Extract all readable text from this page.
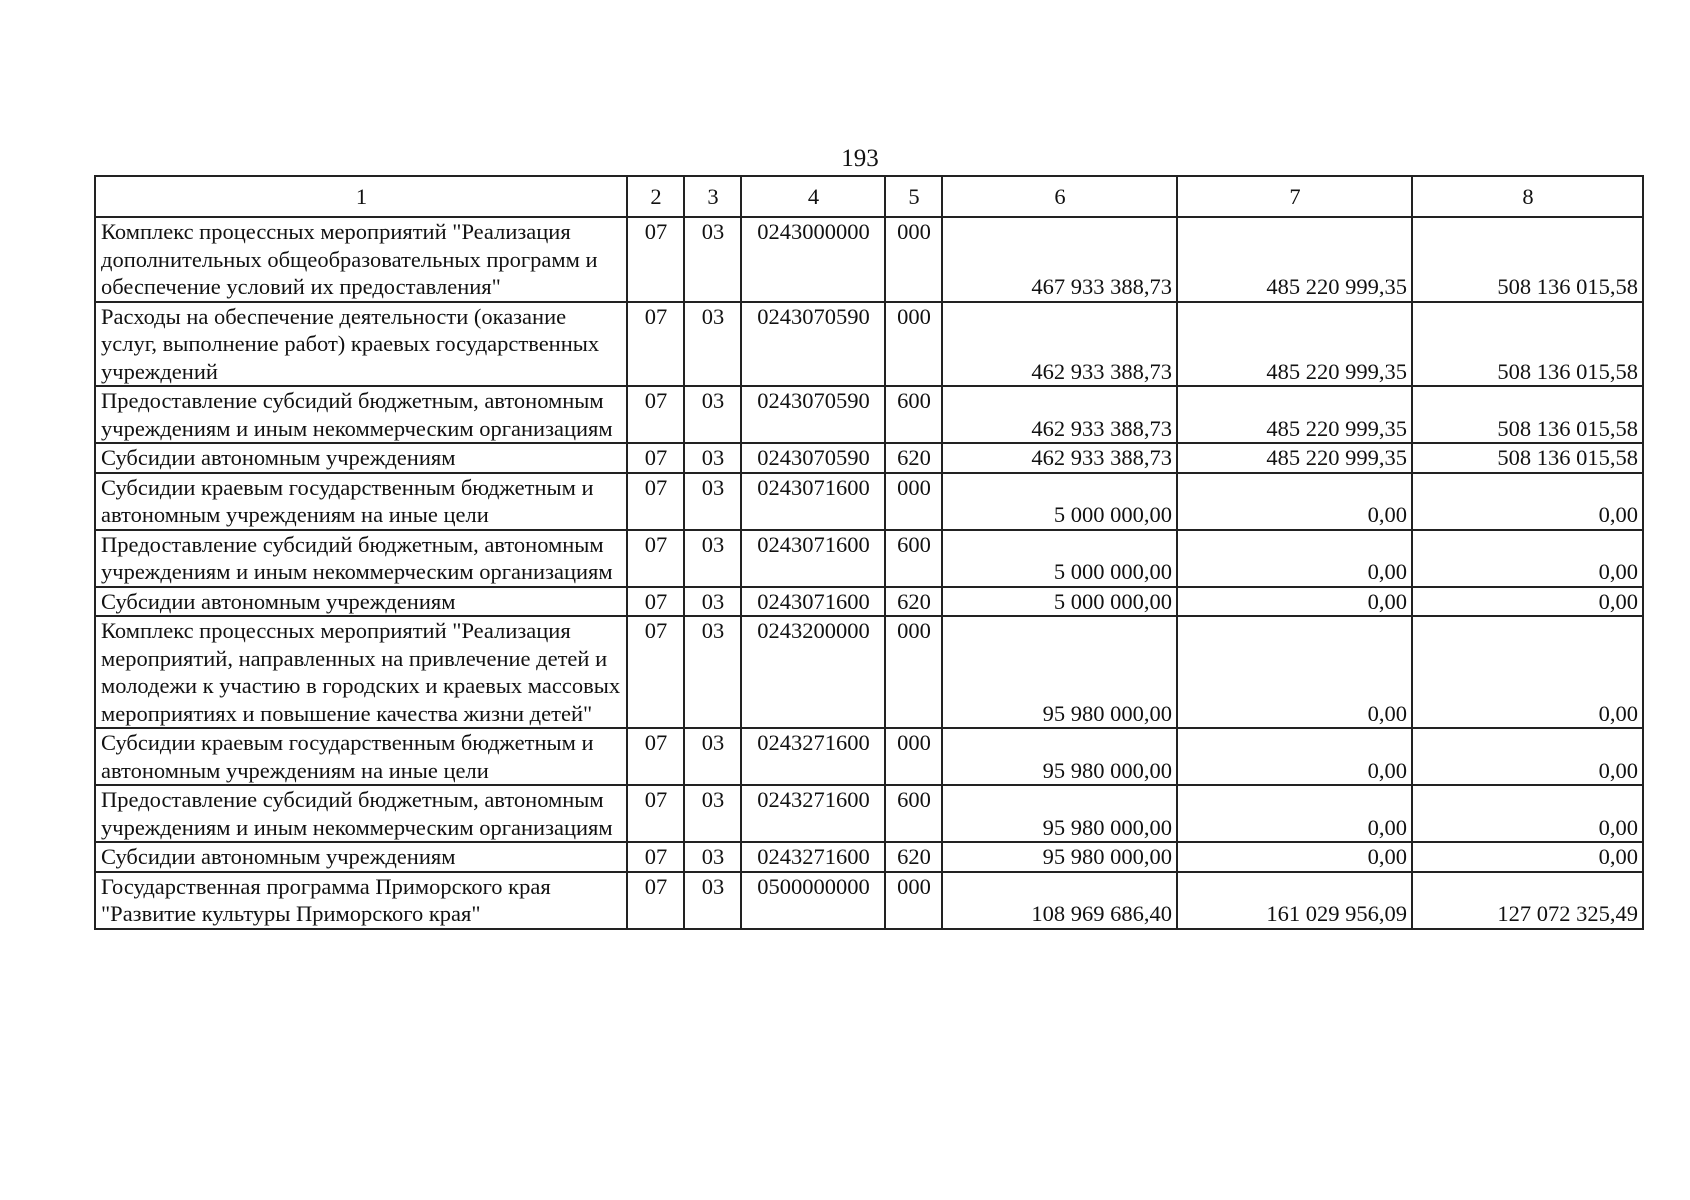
193
1	2	3	4	5	6	7	8
Комплекс процессных мероприятий "Реализация дополнительных общеобразовательных программ и обеспечение условий их предоставления"	07	03	0243000000	000	467 933 388,73	485 220 999,35	508 136 015,58
Расходы на обеспечение деятельности (оказание услуг, выполнение работ) краевых государственных учреждений	07	03	0243070590	000	462 933 388,73	485 220 999,35	508 136 015,58
Предоставление субсидий бюджетным, автономным учреждениям и иным некоммерческим организациям	07	03	0243070590	600	462 933 388,73	485 220 999,35	508 136 015,58
Субсидии автономным учреждениям	07	03	0243070590	620	462 933 388,73	485 220 999,35	508 136 015,58
Субсидии краевым государственным бюджетным и автономным учреждениям на иные цели	07	03	0243071600	000	5 000 000,00	0,00	0,00
Предоставление субсидий бюджетным, автономным учреждениям и иным некоммерческим организациям	07	03	0243071600	600	5 000 000,00	0,00	0,00
Субсидии автономным учреждениям	07	03	0243071600	620	5 000 000,00	0,00	0,00
Комплекс процессных мероприятий "Реализация мероприятий, направленных на привлечение детей и молодежи к участию в городских и краевых массовых мероприятиях и повышение качества жизни детей"	07	03	0243200000	000	95 980 000,00	0,00	0,00
Субсидии краевым государственным бюджетным и автономным учреждениям на иные цели	07	03	0243271600	000	95 980 000,00	0,00	0,00
Предоставление субсидий бюджетным, автономным учреждениям и иным некоммерческим организациям	07	03	0243271600	600	95 980 000,00	0,00	0,00
Субсидии автономным учреждениям	07	03	0243271600	620	95 980 000,00	0,00	0,00
Государственная программа Приморского края "Развитие культуры Приморского края"	07	03	0500000000	000	108 969 686,40	161 029 956,09	127 072 325,49
